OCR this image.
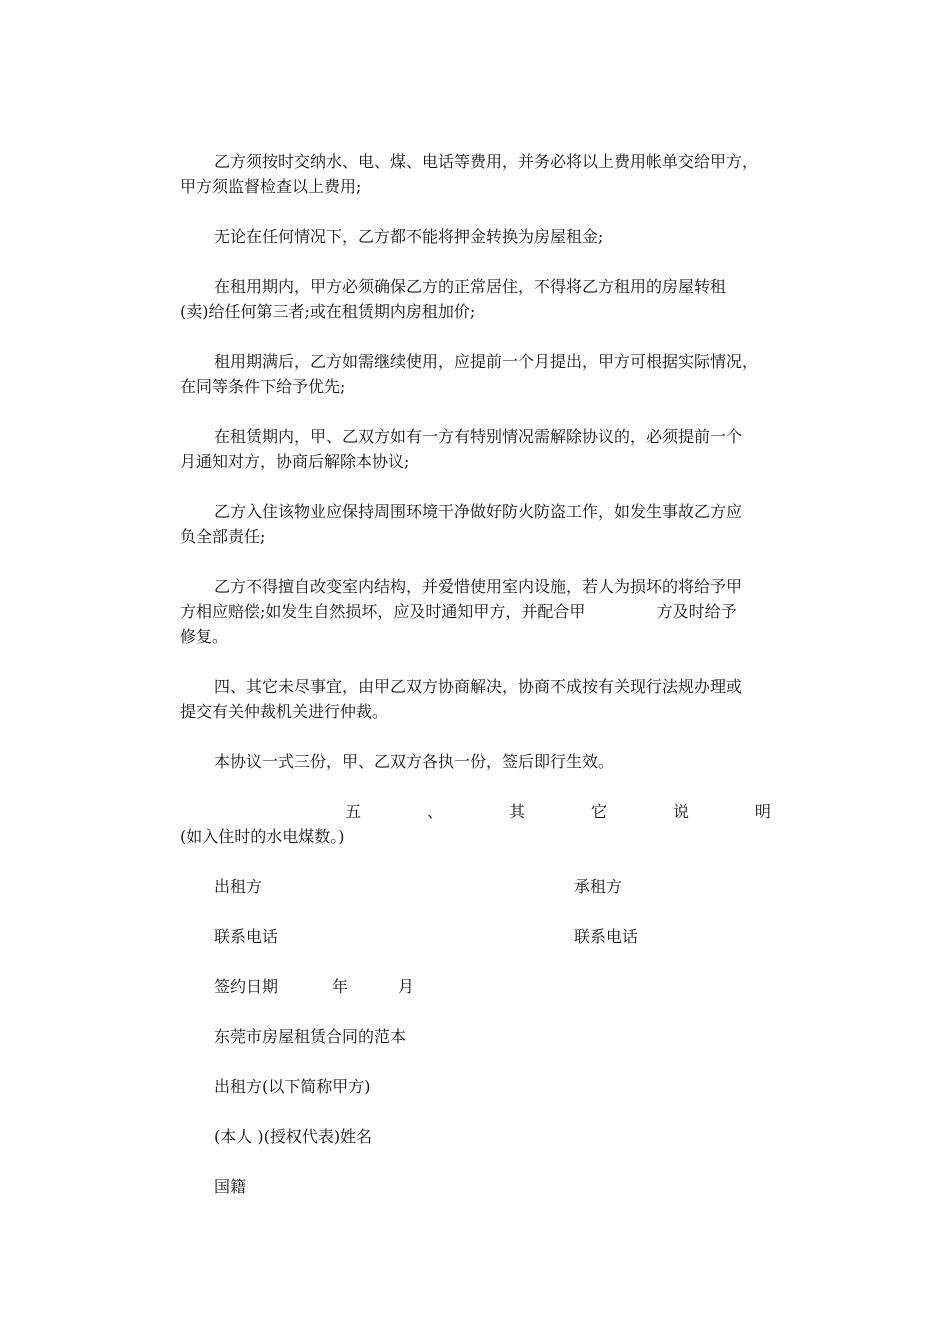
乙方须按时交纳水、电、煤、电话等费用，并务必将以上费用帐单交给甲方，
甲方须监督检查以上费用;

无论在任何情况下，乙方都不能将押金转换为房屋租金;

在租用期内，甲方必须确保乙方的正常居住，不得将乙方租用的房屋转租
(卖)给任何第三者;或在租赁期内房租加价;

租用期满后，乙方如需继续使用，应提前一个月提出，甲方可根据实际情况，
在同等条件下给予优先;

在租赁期内，甲、乙双方如有一方有特别情况需解除协议的，必须提前一个
月通知对方，协商后解除本协议;

乙方入住该物业应保持周围环境干净做好防火防盗工作，如发生事故乙方应
负全部责任;

乙方不得擅自改变室内结构，并爱惜使用室内设施，若人为损坏的将给予甲
方相应赔偿;如发生自然损坏，应及时通知甲方，并配合甲              方及时给予
修复。

四、其它未尽事宜，由甲乙双方协商解决，协商不成按有关现行法规办理或
提交有关仲裁机关进行仲裁。

本协议一式三份，甲、乙双方各执一份，签后即行生效。

五	、	其	它	说	明
(如入住时的水电煤数。)
出租方	承租方
联系电话	联系电话
签约日期	年	月
东莞市房屋租赁合同的范本
出租方(以下简称甲方)
(本人 )(授权代表)姓名
国籍
